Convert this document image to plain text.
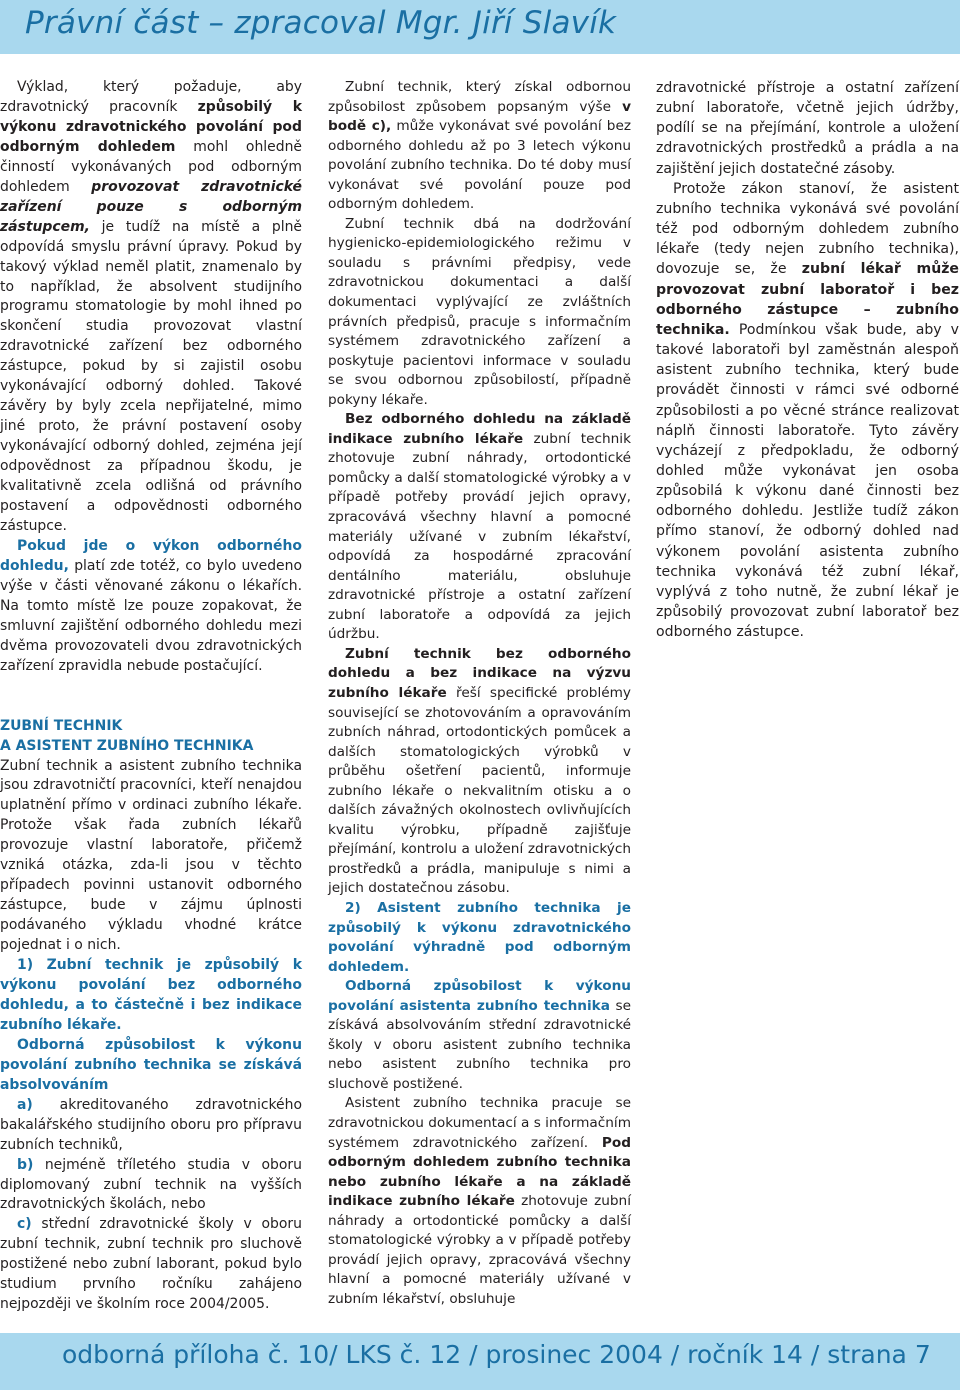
Právní část – zpracoval Mgr. Jiří Slavík

Výklad, který požaduje, aby zdravotnický pracovník způsobilý k výkonu zdravotnického povolání pod odborným dohledem mohl ohledně činností vykonávaných pod odborným dohledem provozovat zdravotnické zařízení pouze s odborným zástupcem, je tudíž na místě a plně odpovídá smyslu právní úpravy. Pokud by takový výklad neměl platit, znamenalo by to například, že absolvent studijního programu stomatologie by mohl ihned po skončení studia provozovat vlastní zdravotnické zařízení bez odborného zástupce, pokud by si zajistil osobu vykonávající odborný dohled. Takové závěry by byly zcela nepřijatelné, mimo jiné proto, že právní postavení osoby vykonávající odborný dohled, zejména její odpovědnost za případnou škodu, je kvalitativně zcela odlišná od právního postavení a odpovědnosti odborného zástupce.

Pokud jde o výkon odborného dohledu, platí zde totéž, co bylo uvedeno výše v části věnované zákonu o lékařích. Na tomto místě lze pouze zopakovat, že smluvní zajištění odborného dohledu mezi dvěma provozovateli dvou zdravotnických zařízení zpravidla nebude postačující.

ZUBNÍ TECHNIK
A ASISTENT ZUBNÍHO TECHNIKA

Zubní technik a asistent zubního technika jsou zdravotničtí pracovníci, kteří nenajdou uplatnění přímo v ordinaci zubního lékaře. Protože však řada zubních lékařů provozuje vlastní laboratoře, přičemž vzniká otázka, zda-li jsou v těchto případech povinni ustanovit odborného zástupce, bude v zájmu úplnosti podávaného výkladu vhodné krátce pojednat i o nich.

1) Zubní technik je způsobilý k výkonu povolání bez odborného dohledu, a to částečně i bez indikace zubního lékaře.

Odborná způsobilost k výkonu povolání zubního technika se získává absolvováním

a) akreditovaného zdravotnického bakalářského studijního oboru pro přípravu zubních techniků,

b) nejméně tříletého studia v oboru diplomovaný zubní technik na vyšších zdravotnických školách, nebo

c) střední zdravotnické školy v oboru zubní technik, zubní technik pro sluchově postižené nebo zubní laborant, pokud bylo studium prvního ročníku zahájeno nejpozději ve školním roce 2004/2005.

Zubní technik, který získal odbornou způsobilost způsobem popsaným výše v bodě c), může vykonávat své povolání bez odborného dohledu až po 3 letech výkonu povolání zubního technika. Do té doby musí vykonávat své povolání pouze pod odborným dohledem.

Zubní technik dbá na dodržování hygienicko-epidemiologického režimu v souladu s právními předpisy, vede zdravotnickou dokumentaci a další dokumentaci vyplývající ze zvláštních právních předpisů, pracuje s informačním systémem zdravotnického zařízení a poskytuje pacientovi informace v souladu se svou odbornou způsobilostí, případně pokyny lékaře.

Bez odborného dohledu na základě indikace zubního lékaře zubní technik zhotovuje zubní náhrady, ortodontické pomůcky a další stomatologické výrobky a v případě potřeby provádí jejich opravy, zpracovává všechny hlavní a pomocné materiály užívané v zubním lékařství, odpovídá za hospodárné zpracování dentálního materiálu, obsluhuje zdravotnické přístroje a ostatní zařízení zubní laboratoře a odpovídá za jejich údržbu.

Zubní technik bez odborného dohledu a bez indikace na výzvu zubního lékaře řeší specifické problémy související se zhotovováním a opravováním zubních náhrad, ortodontických pomůcek a dalších stomatologických výrobků v průběhu ošetření pacientů, informuje zubního lékaře o nekvalitním otisku a o dalších závažných okolnostech ovlivňujících kvalitu výrobku, případně zajišťuje přejímání, kontrolu a uložení zdravotnických prostředků a prádla, manipuluje s nimi a jejich dostatečnou zásobu.

2) Asistent zubního technika je způsobilý k výkonu zdravotnického povolání výhradně pod odborným dohledem.

Odborná způsobilost k výkonu povolání asistenta zubního technika se získává absolvováním střední zdravotnické školy v oboru asistent zubního technika nebo asistent zubního technika pro sluchově postižené.

Asistent zubního technika pracuje se zdravotnickou dokumentací a s informačním systémem zdravotnického zařízení. Pod odborným dohledem zubního technika nebo zubního lékaře a na základě indikace zubního lékaře zhotovuje zubní náhrady a ortodontické pomůcky a další stomatologické výrobky a v případě potřeby provádí jejich opravy, zpracovává všechny hlavní a pomocné materiály užívané v zubním lékařství, obsluhuje

zdravotnické přístroje a ostatní zařízení zubní laboratoře, včetně jejich údržby, podílí se na přejímání, kontrole a uložení zdravotnických prostředků a prádla a na zajištění jejich dostatečné zásoby.

Protože zákon stanoví, že asistent zubního technika vykonává své povolání též pod odborným dohledem zubního lékaře (tedy nejen zubního technika), dovozuje se, že zubní lékař může provozovat zubní laboratoř i bez odborného zástupce – zubního technika. Podmínkou však bude, aby v takové laboratoři byl zaměstnán alespoň asistent zubního technika, který bude provádět činnosti v rámci své odborné způsobilosti a po věcné stránce realizovat náplň činnosti laboratoře. Tyto závěry vycházejí z předpokladu, že odborný dohled může vykonávat jen osoba způsobilá k výkonu dané činnosti bez odborného dohledu. Jestliže tudíž zákon přímo stanoví, že odborný dohled nad výkonem povolání asistenta zubního technika vykonává též zubní lékař, vyplývá z toho nutně, že zubní lékař je způsobilý provozovat zubní laboratoř bez odborného zástupce.

odborná příloha č. 10/ LKS č. 12 / prosinec 2004 / ročník 14 / strana 7
